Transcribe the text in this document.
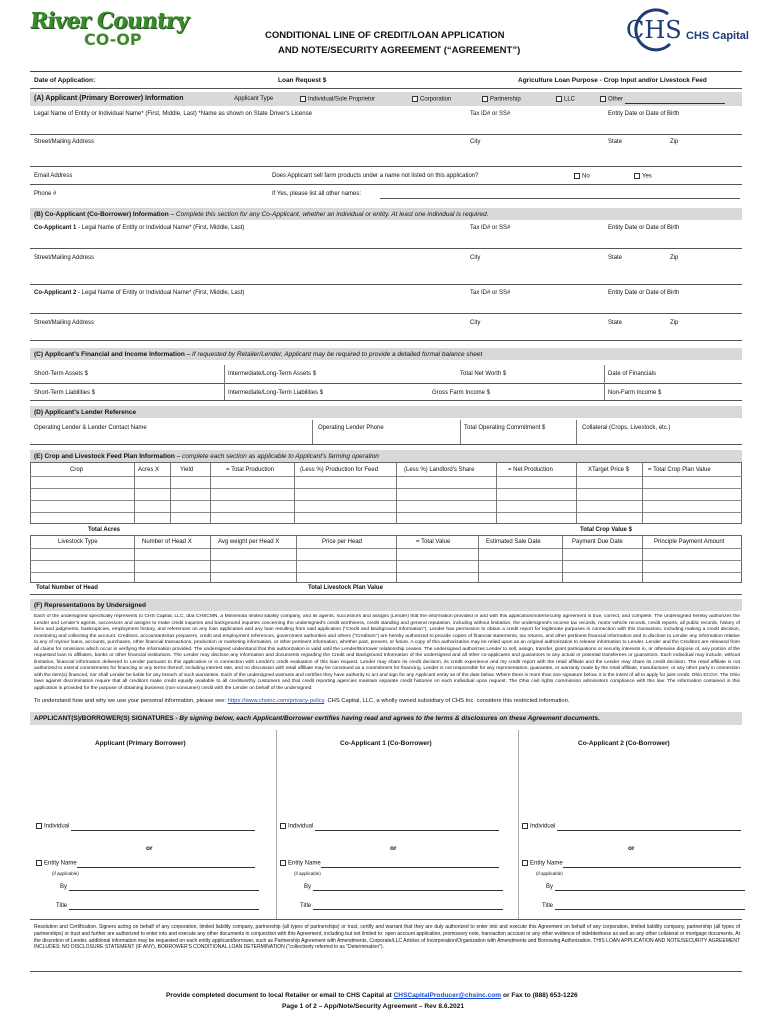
River Country
CO-OP	CONDITIONAL LINE OF CREDIT/LOAN APPLICATION
AND NOTE/SECURITY AGREEMENT (“AGREEMENT”)
CHS CHS Capital
Date of Application:	Loan Request $	Agriculture Loan Purpose - Crop Input and/or Livestock Feed
(A) Applicant (Primary Borrower) Information	Applicant Type	Individual/Sole Proprietor	Corporation	Partnership	LLC	Other
Legal Name of Entity or Individual Name* (First, Middle, Last) *Name as shown on State Driver's License	Tax ID# or SS#	Entity Date or Date of Birth
Street/Mailing Address	City	State	Zip
Email Address	Does Applicant sell farm products under a name not listed on this application?	No	Yes
Phone #	If Yes, please list all other names:
(B) Co-Applicant (Co-Borrower) Information – Complete this section for any Co-Applicant, whether an individual or entity. At least one individual is required.
Co-Applicant 1 - Legal Name of Entity or Individual Name* (First, Middle, Last)	Tax ID# or SS#	Entity Date or Date of Birth
Street/Mailing Address	City	State	Zip
Co-Applicant 2 - Legal Name of Entity or Individual Name* (First, Middle, Last)	Tax ID# or SS#	Entity Date or Date of Birth
Street/Mailing Address	City	State	Zip
(C) Applicant's Financial and Income Information – If requested by Retailer/Lender, Applicant may be required to provide a detailed formal balance sheet
Short-Term Assets $	Intermediate/Long-Term Assets $	Total Net Worth $	Date of Financials
Short-Term Liabilities $	Intermediate/Long-Term Liabilities $	Gross Farm Income $	Non-Farm Income $
(D) Applicant's Lender Reference
Operating Lender & Lender Contact Name	Operating Lender Phone	Total Operating Commitment $	Collateral (Crops, Livestock, etc.)
(E) Crop and Livestock Feed Plan Information – complete each section as applicable to Applicant's farming operation
Crop	Acres X	Yield	= Total Production	(Less %) Production for Feed	(Less %) Landlord's Share	= Net Production	XTarget Price $	= Total Crop Plan Value
Total Acres	Total Crop Value $
Livestock Type	Number of Head X	Avg weight per Head X	Price per Head	= Total Value	Estimated Sale Date	Payment Due Date	Principle Payment Amount
Total Number of Head	Total Livestock Plan Value
(F) Representations by Undersigned
Each of the undersigned specifically represents to CHS Capital, LLC, dba CHSCMN, a Minnesota limited liability company, and its agents, successors and assigns (Lender) that the information provided in and with this application/note/security agreement is true, correct, and complete. The undersigned hereby authorizes the Lender and Lender's agents, successors and assigns to make credit inquiries and background inquiries concerning the undersigned's credit worthiness, credit standing and general reputation, including without limitation, the undersigned's income tax records, motor vehicle records, credit reports, all public records, history of liens and judgments, bankruptcies, employment history, and references on any loan application and any loan resulting from said application ("Credit and Background Information"). Lender has permission to obtain a credit report for legitimate purposes in connection with this transaction, including making a credit decision, monitoring and collecting the account. Creditors, accountants/tax preparers, credit and employment references, government authorities and others ("Creditors") are hereby authorized to provide copies of financial statements, tax returns, and other pertinent financial information and to disclose to Lender any information relative to any of my/our loans, accounts, purchases, other financial transactions, production or marketing information, or other pertinent information, whether past, present, or future. A copy of this authorization may be relied upon as an original authorization to release information to Lender. Lender and the Creditors are released from all claims for omissions which occur in verifying the information provided. The undersigned understand that this authorization is valid until the Lender/Borrower relationship ceases. The undersigned authorizes Lender to sell, assign, transfer, grant participations or security interests in, or otherwise dispose of, any portion of the requested loan to affiliates, banks or other financial institutions. The Lender may disclose any information and documents regarding the Credit and Background Information of the undersigned and all other co-applicants and guarantors to any actual or potential transferees or guarantors. Each individual may include, without limitation, financial information delivered to Lender pursuant to this application or in connection with Lender's credit evaluation of this loan request. Lender may share its credit decision, its credit experience and my credit report with the retail affiliate and the Lender may share its credit decision. The retail affiliate is not authorized to extend commitments for financing or any terms thereof, including interest rate, and no discussion with retail affiliate may be construed as a commitment for financing. Lender is not responsible for any representation, guarantee, or warranty made by the retail affiliate, manufacturer, or any other party in connection with the item(s) financed, nor shall Lender be liable for any breach of such warranties. Each of the undersigned warrants and certifies they have authority to act and sign for any Applicant entity as of the date below. Where there is more than one signature below, it is the intent of all to apply for joint credit. Ohio ECOA: The Ohio laws against discrimination require that all creditors make credit equally available to all creditworthy customers and that credit reporting agencies maintain separate credit histories on each individual upon request. The Ohio civil rights commission administers compliance with this law. The information contained in this application is provided for the purpose of obtaining business (non-consumer) credit with the Lender on behalf of the undersigned.
To understand how and why we use your personal information, please see: https://www.chsinc.com/privacy-policy. CHS Capital, LLC, a wholly owned subsidiary of CHS Inc. considers this restricted information.
APPLICANT(S)/BORROWER(S) SIGNATURES - By signing below, each Applicant/Borrower certifies having read and agrees to the terms & disclosures on these Agreement documents.
Applicant (Primary Borrower)	Co-Applicant 1 (Co-Borrower)	Co-Applicant 2 (Co-Borrower)
Individual	Individual	Individual
or	or	or
Entity Name	Entity Name	Entity Name
(if applicable)	(if applicable)	(if applicable)
By	By	By
Title	Title	Title
Resolution and Certification. Signers acting on behalf of any corporation, limited liability company, partnership (all types of partnerships) or trust, certify and warrant that they are duly authorized to enter into and execute this Agreement on behalf of any corporation, limited liability company, partnership (all types of partnerships) or trust and further are authorized to enter into and execute any other documents in conjunction with this Agreement, including but not limited to: open account application, promissory note, transaction account or any other evidence of indebtedness as well as any other collateral or mortgage documents. At the discretion of Lender, additional information may be requested on each entity applicant/borrower, such as Partnership Agreement with Amendments, Corporate/LLC Articles of Incorporation/Organization with Amendments and Borrowing Authorization. THIS LOAN APPLICATION AND NOTE/SECURITY AGREEMENT INCLUDES: NO DISCLOSURE STATEMENT (IF ANY), BORROWER'S CONDITIONAL LOAN DETERMINATION ("collectively referred to as "Determination").
Provide completed document to local Retailer or email to CHS Capital at CHSCapitalProducer@chsinc.com or Fax to (888) 653-1226
Page 1 of 2 – App/Note/Security Agreement – Rev 8.6.2021
